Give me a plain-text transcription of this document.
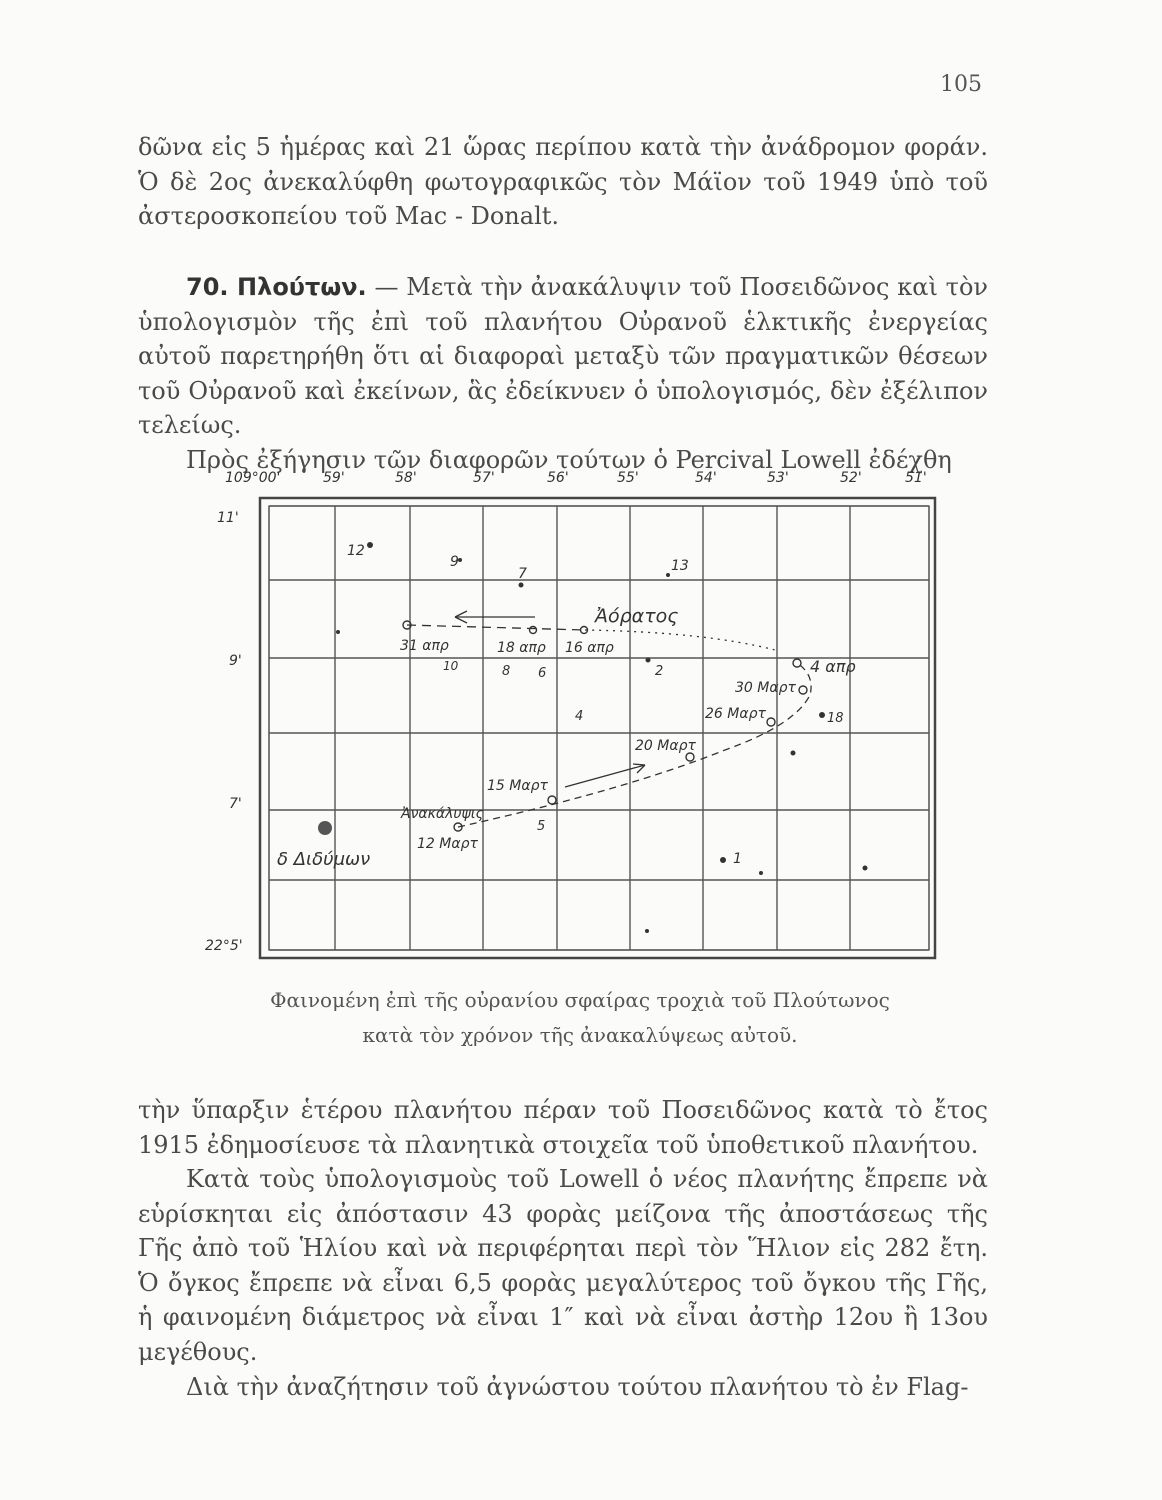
105

δῶνα εἰς 5 ἡμέρας καὶ 21 ὥρας περίπου κατὰ τὴν ἀνάδρομον φοράν. Ὁ δὲ 2ος ἀνεκαλύφθη φωτογραφικῶς τὸν Μάϊον τοῦ 1949 ὑπὸ τοῦ ἀστεροσκοπείου τοῦ Mac - Donalt.

70. Πλούτων. — Μετὰ τὴν ἀνακάλυψιν τοῦ Ποσειδῶνος καὶ τὸν ὑπολογισμὸν τῆς ἐπὶ τοῦ πλανήτου Οὐρανοῦ ἑλκτικῆς ἐνεργείας αὐτοῦ παρετηρήθη ὅτι αἱ διαφοραὶ μεταξὺ τῶν πραγματικῶν θέσεων τοῦ Οὐρανοῦ καὶ ἐκείνων, ἃς ἐδείκνυεν ὁ ὑπολογισμός, δὲν ἐξέλιπον τελείως.
Πρὸς ἐξήγησιν τῶν διαφορῶν τούτων ὁ Percival Lowell ἐδέχθη

109°00'	59'	58'	57'	56'	55'	54'	53'	52'	51'
11'
9'
7'
22°5'
12
9
7	13
Ἀόρατος
31 απρ	18 απρ 16 απρ
10	8 6	2
4
4 απρ
30 Μαρτ
26 Μαρτ	18
20 Μαρτ
15 Μαρτ
Ἀνακάλυψις
5
12 Μαρτ
δ Διδύμων	1

Φαινομένη ἐπὶ τῆς οὐρανίου σφαίρας τροχιὰ τοῦ Πλούτωνος

κατὰ τὸν χρόνον τῆς ἀνακαλύψεως αὐτοῦ.

τὴν ὕπαρξιν ἑτέρου πλανήτου πέραν τοῦ Ποσειδῶνος κατὰ τὸ ἔτος 1915 ἐδημοσίευσε τὰ πλανητικὰ στοιχεῖα τοῦ ὑποθετικοῦ πλανήτου.

Κατὰ τοὺς ὑπολογισμοὺς τοῦ Lowell ὁ νέος πλανήτης ἔπρεπε νὰ εὑρίσκηται εἰς ἀπόστασιν 43 φορὰς μείζονα τῆς ἀποστάσεως τῆς Γῆς ἀπὸ τοῦ Ἡλίου καὶ νὰ περιφέρηται περὶ τὸν Ἥλιον εἰς 282 ἔτη. Ὁ ὄγκος ἔπρεπε νὰ εἶναι 6,5 φορὰς μεγαλύτερος τοῦ ὄγκου τῆς Γῆς, ἡ φαινομένη διάμετρος νὰ εἶναι 1″ καὶ νὰ εἶναι ἀστὴρ 12ου ἢ 13ου μεγέθους.

Διὰ τὴν ἀναζήτησιν τοῦ ἀγνώστου τούτου πλανήτου τὸ ἐν Flag-
